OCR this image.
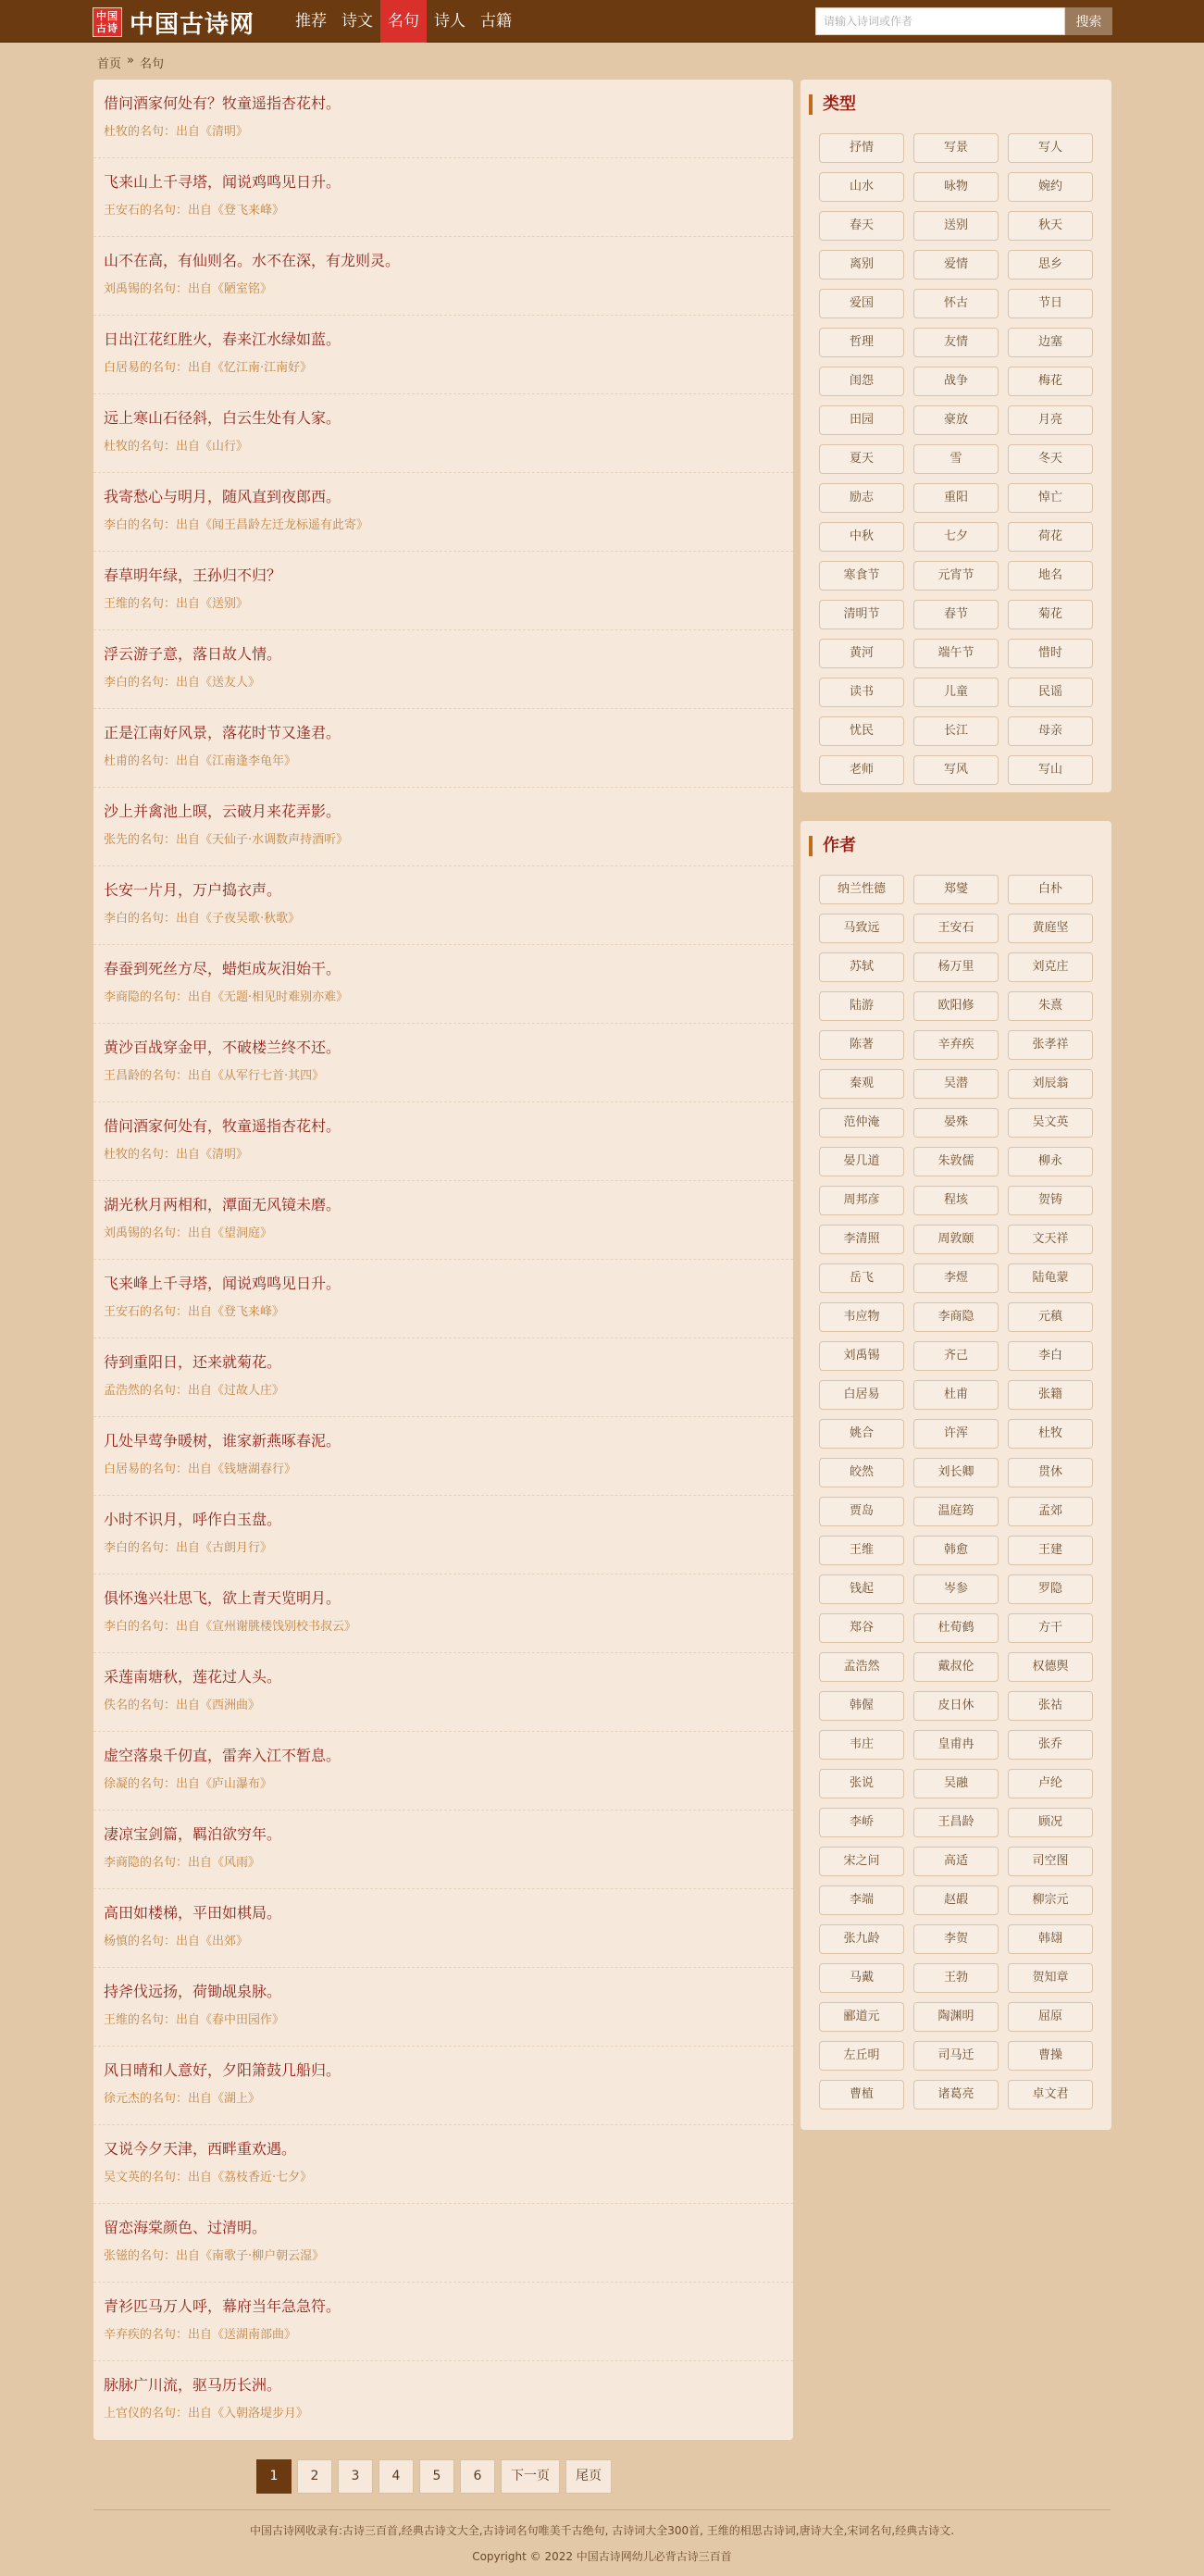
中国
古诗 中国古诗网	推荐 诗文 名句 诗人 古籍
请输入诗词或作者	搜索
首页 » 名句
借问酒家何处有？牧童遥指杏花村。
杜牧的名句：出自《清明》
飞来山上千寻塔，闻说鸡鸣见日升。
王安石的名句：出自《登飞来峰》
山不在高，有仙则名。水不在深，有龙则灵。
刘禹锡的名句：出自《陋室铭》
日出江花红胜火，春来江水绿如蓝。
白居易的名句：出自《忆江南·江南好》
远上寒山石径斜，白云生处有人家。
杜牧的名句：出自《山行》
我寄愁心与明月，随风直到夜郎西。
李白的名句：出自《闻王昌龄左迁龙标遥有此寄》
春草明年绿，王孙归不归？
王维的名句：出自《送别》
浮云游子意，落日故人情。
李白的名句：出自《送友人》
正是江南好风景，落花时节又逢君。
杜甫的名句：出自《江南逢李龟年》
沙上并禽池上暝，云破月来花弄影。
张先的名句：出自《天仙子·水调数声持酒听》
长安一片月，万户捣衣声。
李白的名句：出自《子夜吴歌·秋歌》
春蚕到死丝方尽，蜡炬成灰泪始干。
李商隐的名句：出自《无题·相见时难别亦难》
黄沙百战穿金甲，不破楼兰终不还。
王昌龄的名句：出自《从军行七首·其四》
借问酒家何处有，牧童遥指杏花村。
杜牧的名句：出自《清明》
湖光秋月两相和，潭面无风镜未磨。
刘禹锡的名句：出自《望洞庭》
飞来峰上千寻塔，闻说鸡鸣见日升。
王安石的名句：出自《登飞来峰》
待到重阳日，还来就菊花。
孟浩然的名句：出自《过故人庄》
几处早莺争暖树，谁家新燕啄春泥。
白居易的名句：出自《钱塘湖春行》
小时不识月，呼作白玉盘。
李白的名句：出自《古朗月行》
俱怀逸兴壮思飞，欲上青天览明月。
李白的名句：出自《宣州谢朓楼饯别校书叔云》
采莲南塘秋，莲花过人头。
佚名的名句：出自《西洲曲》
虚空落泉千仞直，雷奔入江不暂息。
徐凝的名句：出自《庐山瀑布》
凄凉宝剑篇，羁泊欲穷年。
李商隐的名句：出自《风雨》
高田如楼梯，平田如棋局。
杨慎的名句：出自《出郊》
持斧伐远扬，荷锄觇泉脉。
王维的名句：出自《春中田园作》
风日晴和人意好，夕阳箫鼓几船归。
徐元杰的名句：出自《湖上》
又说今夕天津，西畔重欢遇。
吴文英的名句：出自《荔枝香近·七夕》
留恋海棠颜色、过清明。
张镃的名句：出自《南歌子·柳户朝云湿》
青衫匹马万人呼，幕府当年急急符。
辛弃疾的名句：出自《送湖南部曲》
脉脉广川流，驱马历长洲。
上官仪的名句：出自《入朝洛堤步月》
类型
抒情	写景	写人
山水	咏物	婉约
春天	送别	秋天
离别	爱情	思乡
爱国	怀古	节日
哲理	友情	边塞
闺怨	战争	梅花
田园	豪放	月亮
夏天	雪	冬天
励志	重阳	悼亡
中秋	七夕	荷花
寒食节	元宵节	地名
清明节	春节	菊花
黄河	端午节	惜时
读书	儿童	民谣
忧民	长江	母亲
老师	写风	写山
作者
纳兰性德	郑燮	白朴
马致远	王安石	黄庭坚
苏轼	杨万里	刘克庄
陆游	欧阳修	朱熹
陈著	辛弃疾	张孝祥
秦观	吴潜	刘辰翁
范仲淹	晏殊	吴文英
晏几道	朱敦儒	柳永
周邦彦	程垓	贺铸
李清照	周敦颐	文天祥
岳飞	李煜	陆龟蒙
韦应物	李商隐	元稹
刘禹锡	齐己	李白
白居易	杜甫	张籍
姚合	许浑	杜牧
皎然	刘长卿	贯休
贾岛	温庭筠	孟郊
王维	韩愈	王建
钱起	岑参	罗隐
郑谷	杜荀鹤	方干
孟浩然	戴叔伦	权德舆
韩偓	皮日休	张祜
韦庄	皇甫冉	张乔
张说	吴融	卢纶
李峤	王昌龄	顾况
宋之问	高适	司空图
李端	赵嘏	柳宗元
张九龄	李贺	韩翃
马戴	王勃	贺知章
郦道元	陶渊明	屈原
左丘明	司马迁	曹操
曹植	诸葛亮	卓文君
1	2	3	4	5	6	下一页	尾页
中国古诗网收录有:古诗三百首,经典古诗文大全,古诗词名句唯美千古绝句, 古诗词大全300首, 王维的相思古诗词,唐诗大全,宋词名句,经典古诗文.
Copyright © 2022 中国古诗网幼儿必背古诗三百首
